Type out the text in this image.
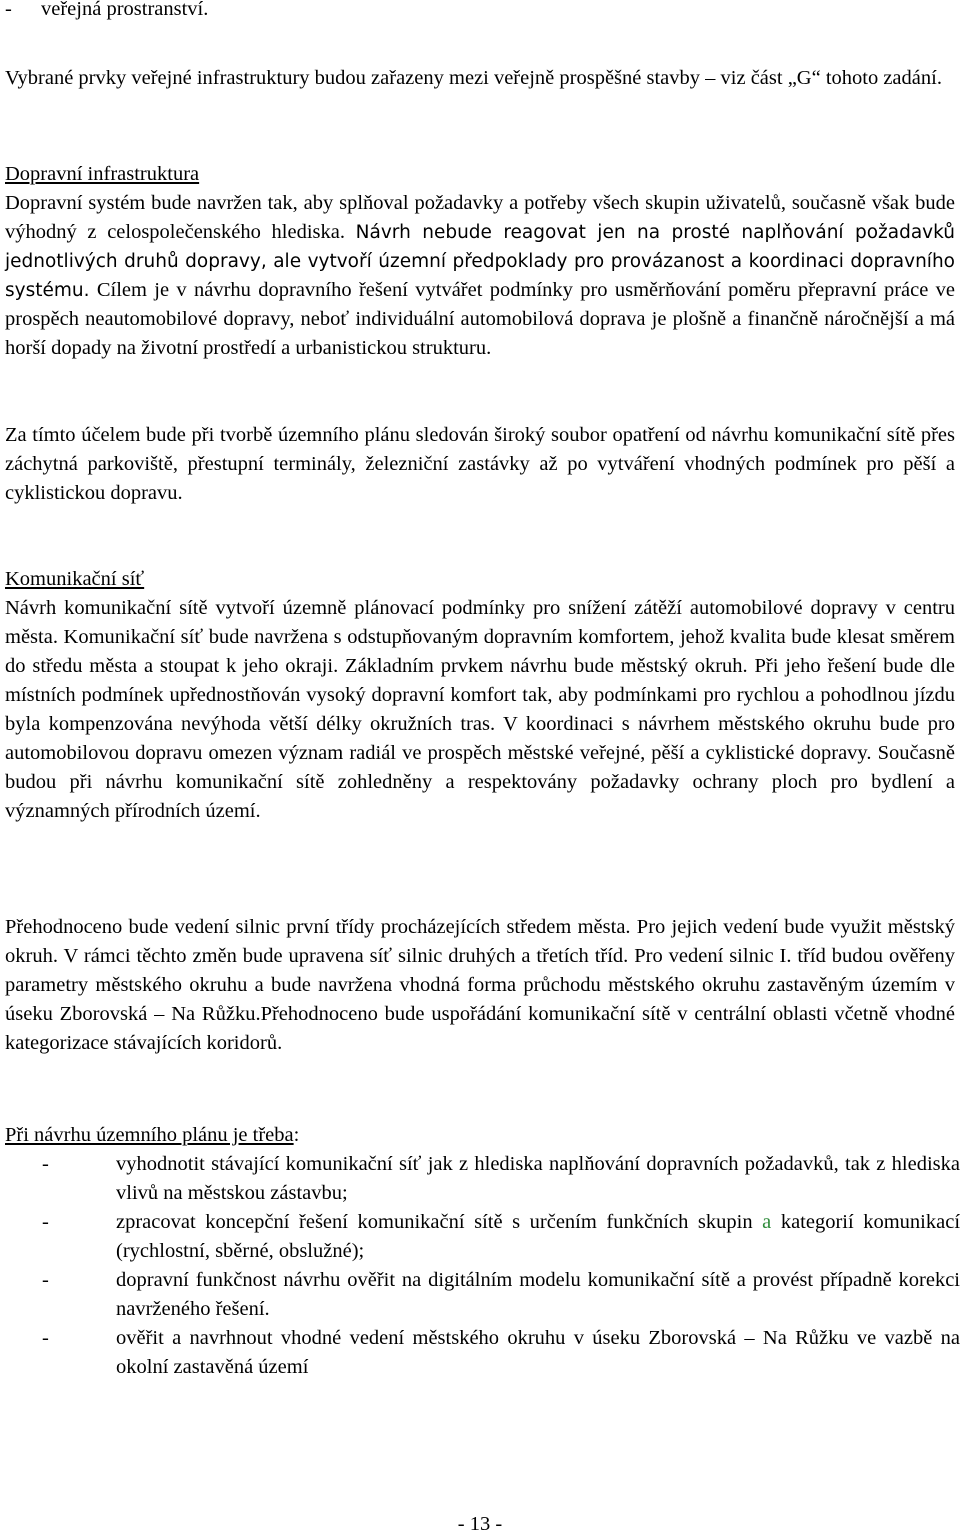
- veřejná prostranství.

Vybrané prvky veřejné infrastruktury budou zařazeny mezi veřejně prospěšné stavby – viz část „G“ tohoto zadání.

Dopravní infrastruktura

Dopravní systém bude navržen tak, aby splňoval požadavky a potřeby všech skupin uživatelů, současně však bude výhodný z celospolečenského hlediska. Návrh nebude reagovat jen na prosté naplňování požadavků jednotlivých druhů dopravy, ale vytvoří územní předpoklady pro provázanost a koordinaci dopravního systému. Cílem je v návrhu dopravního řešení vytvářet podmínky pro usměrňování poměru přepravní práce ve prospěch neautomobilové dopravy, neboť individuální automobilová doprava je plošně a finančně náročnější a má horší dopady na životní prostředí a urbanistickou strukturu.

Za tímto účelem bude při tvorbě územního plánu sledován široký soubor opatření od návrhu komunikační sítě přes záchytná parkoviště, přestupní terminály, železniční zastávky až po vytváření vhodných podmínek pro pěší a cyklistickou dopravu.

Komunikační síť

Návrh komunikační sítě vytvoří územně plánovací podmínky pro snížení zátěží automobilové dopravy v centru města. Komunikační síť bude navržena s odstupňovaným dopravním komfortem, jehož kvalita bude klesat směrem do středu města a stoupat k jeho okraji. Základním prvkem návrhu bude městský okruh. Při jeho řešení bude dle místních podmínek upřednostňován vysoký dopravní komfort tak, aby podmínkami pro rychlou a pohodlnou jízdu byla kompenzována nevýhoda větší délky okružních tras. V koordinaci s návrhem městského okruhu bude pro automobilovou dopravu omezen význam radiál ve prospěch městské veřejné, pěší a cyklistické dopravy. Současně budou při návrhu komunikační sítě zohledněny a respektovány požadavky ochrany ploch pro bydlení a významných přírodních území.

Přehodnoceno bude vedení silnic první třídy procházejících středem města. Pro jejich vedení bude využit městský okruh. V rámci těchto změn bude upravena síť silnic druhých a třetích tříd. Pro vedení silnic I. tříd budou ověřeny parametry městského okruhu a bude navržena vhodná forma průchodu městského okruhu zastavěným územím v úseku Zborovská – Na Růžku.Přehodnoceno bude uspořádání komunikační sítě v centrální oblasti včetně vhodné kategorizace stávajících koridorů.

Při návrhu územního plánu je třeba:

-	vyhodnotit stávající komunikační síť jak z hlediska naplňování dopravních požadavků, tak z hlediska vlivů na městskou zástavbu;
-	zpracovat koncepční řešení komunikační sítě s určením funkčních skupin a kategorií komunikací (rychlostní, sběrné, obslužné);
-	dopravní funkčnost návrhu ověřit na digitálním modelu komunikační sítě a provést případně korekci navrženého řešení.
-	ověřit a navrhnout vhodné vedení městského okruhu v úseku Zborovská – Na Růžku ve vazbě na okolní zastavěná území
- 13 -
